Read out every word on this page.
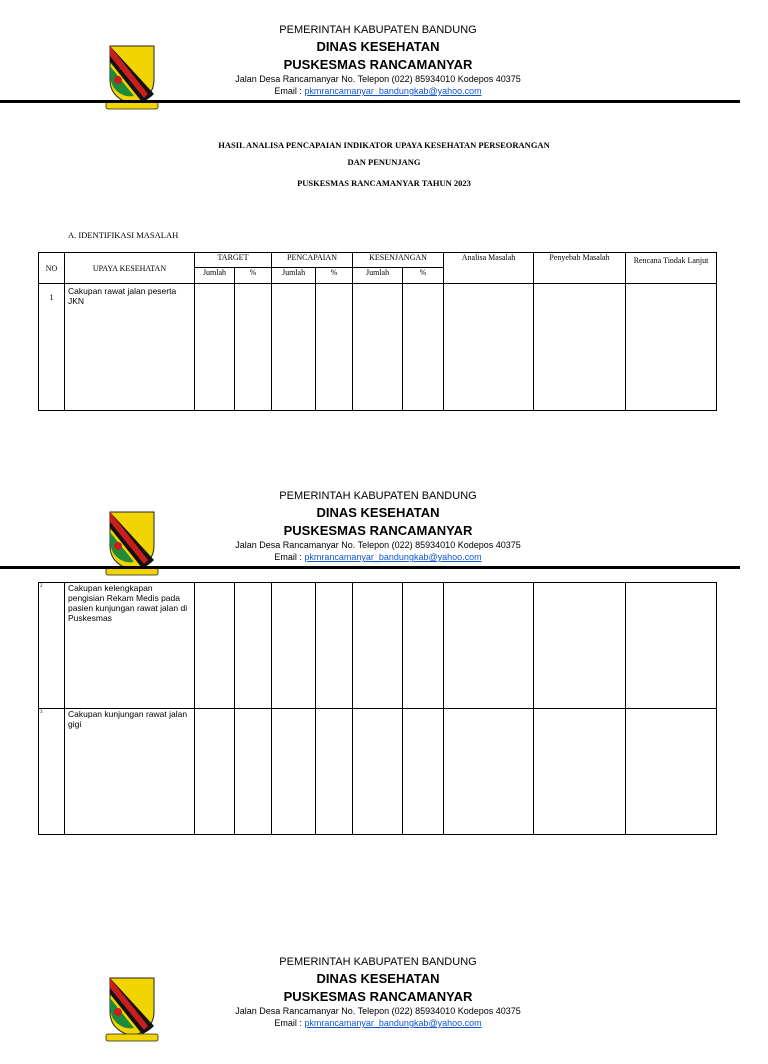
PEMERINTAH KABUPATEN BANDUNG
DINAS KESEHATAN
PUSKESMAS RANCAMANYAR
Jalan Desa Rancamanyar No. Telepon (022) 85934010 Kodepos 40375
Email : pkmrancamanyar_bandungkab@yahoo.com
HASIL ANALISA PENCAPAIAN INDIKATOR UPAYA KESEHATAN PERSEORANGAN
DAN PENUNJANG
PUSKESMAS RANCAMANYAR TAHUN 2023
A. IDENTIFIKASI MASALAH
NO	UPAYA KESEHATAN	TARGET		PENCAPAIAN		KESENJANGAN		Analisa Masalah	Penyebab Masalah	Rencana Tindak Lanjut
		Jumlah	%	Jumlah	%	Jumlah	%			
1	Cakupan rawat jalan peserta JKN									
PEMERINTAH KABUPATEN BANDUNG
DINAS KESEHATAN
PUSKESMAS RANCAMANYAR
Jalan Desa Rancamanyar No. Telepon (022) 85934010 Kodepos 40375
Email : pkmrancamanyar_bandungkab@yahoo.com
2	Cakupan kelengkapan pengisian Rekam Medis pada pasien kunjungan rawat jalan di Puskesmas									
3	Cakupan kunjungan rawat jalan gigi									
PEMERINTAH KABUPATEN BANDUNG
DINAS KESEHATAN
PUSKESMAS RANCAMANYAR
Jalan Desa Rancamanyar No. Telepon (022) 85934010 Kodepos 40375
Email : pkmrancamanyar_bandungkab@yahoo.com
